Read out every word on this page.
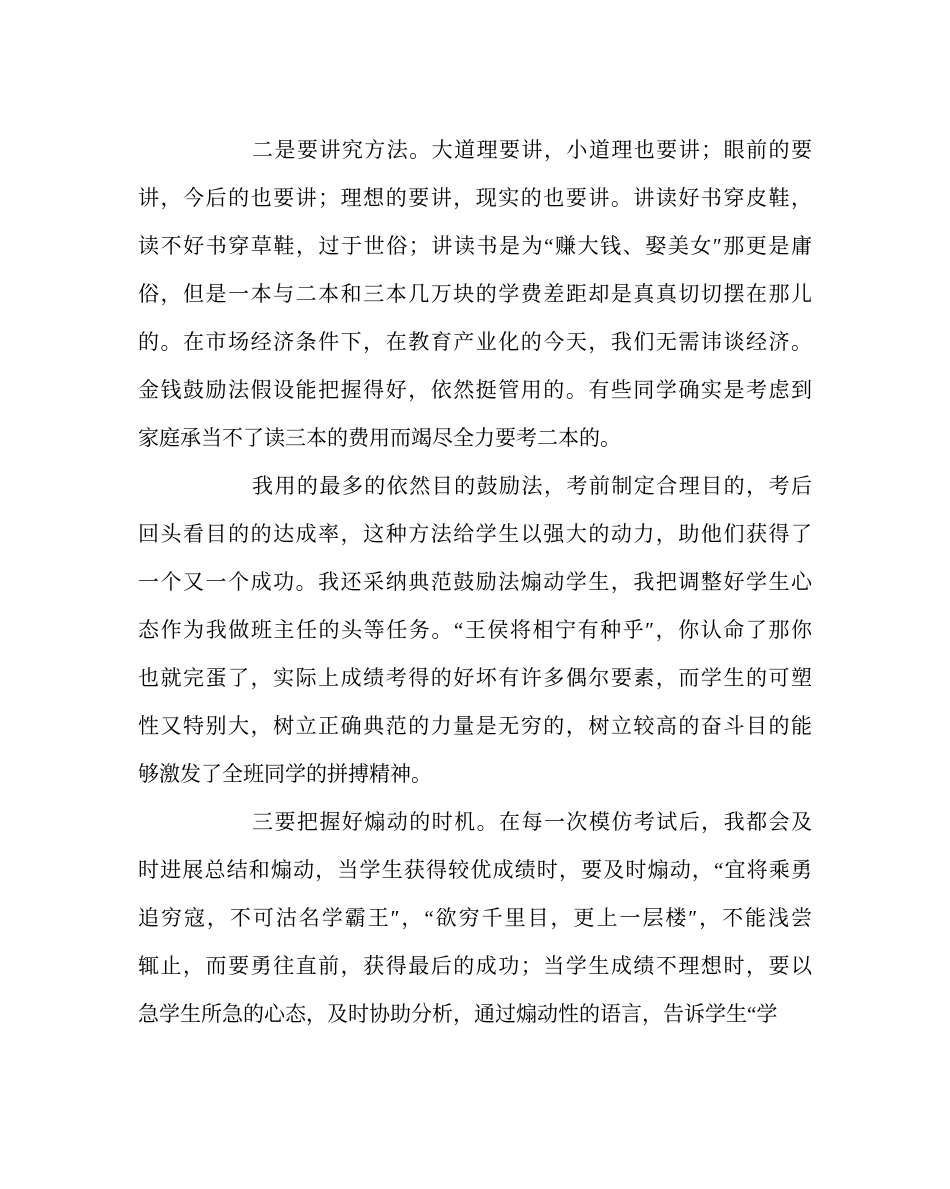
二是要讲究方法。大道理要讲，小道理也要讲；眼前的要
讲，今后的也要讲；理想的要讲，现实的也要讲。讲读好书穿皮鞋，
读不好书穿草鞋，过于世俗；讲读书是为“赚大钱、娶美女″那更是庸
俗，但是一本与二本和三本几万块的学费差距却是真真切切摆在那儿
的。在市场经济条件下，在教育产业化的今天，我们无需讳谈经济。
金钱鼓励法假设能把握得好，依然挺管用的。有些同学确实是考虑到
家庭承当不了读三本的费用而竭尽全力要考二本的。
我用的最多的依然目的鼓励法，考前制定合理目的，考后
回头看目的的达成率，这种方法给学生以强大的动力，助他们获得了
一个又一个成功。我还采纳典范鼓励法煽动学生，我把调整好学生心
态作为我做班主任的头等任务。“王侯将相宁有种乎″，你认命了那你
也就完蛋了，实际上成绩考得的好坏有许多偶尔要素，而学生的可塑
性又特别大，树立正确典范的力量是无穷的，树立较高的奋斗目的能
够激发了全班同学的拼搏精神。
三要把握好煽动的时机。在每一次模仿考试后，我都会及
时进展总结和煽动，当学生获得较优成绩时，要及时煽动，“宜将乘勇
追穷寇，不可沽名学霸王″，“欲穷千里目，更上一层楼″，不能浅尝
辄止，而要勇往直前，获得最后的成功；当学生成绩不理想时，要以
急学生所急的心态，及时协助分析，通过煽动性的语言，告诉学生“学
